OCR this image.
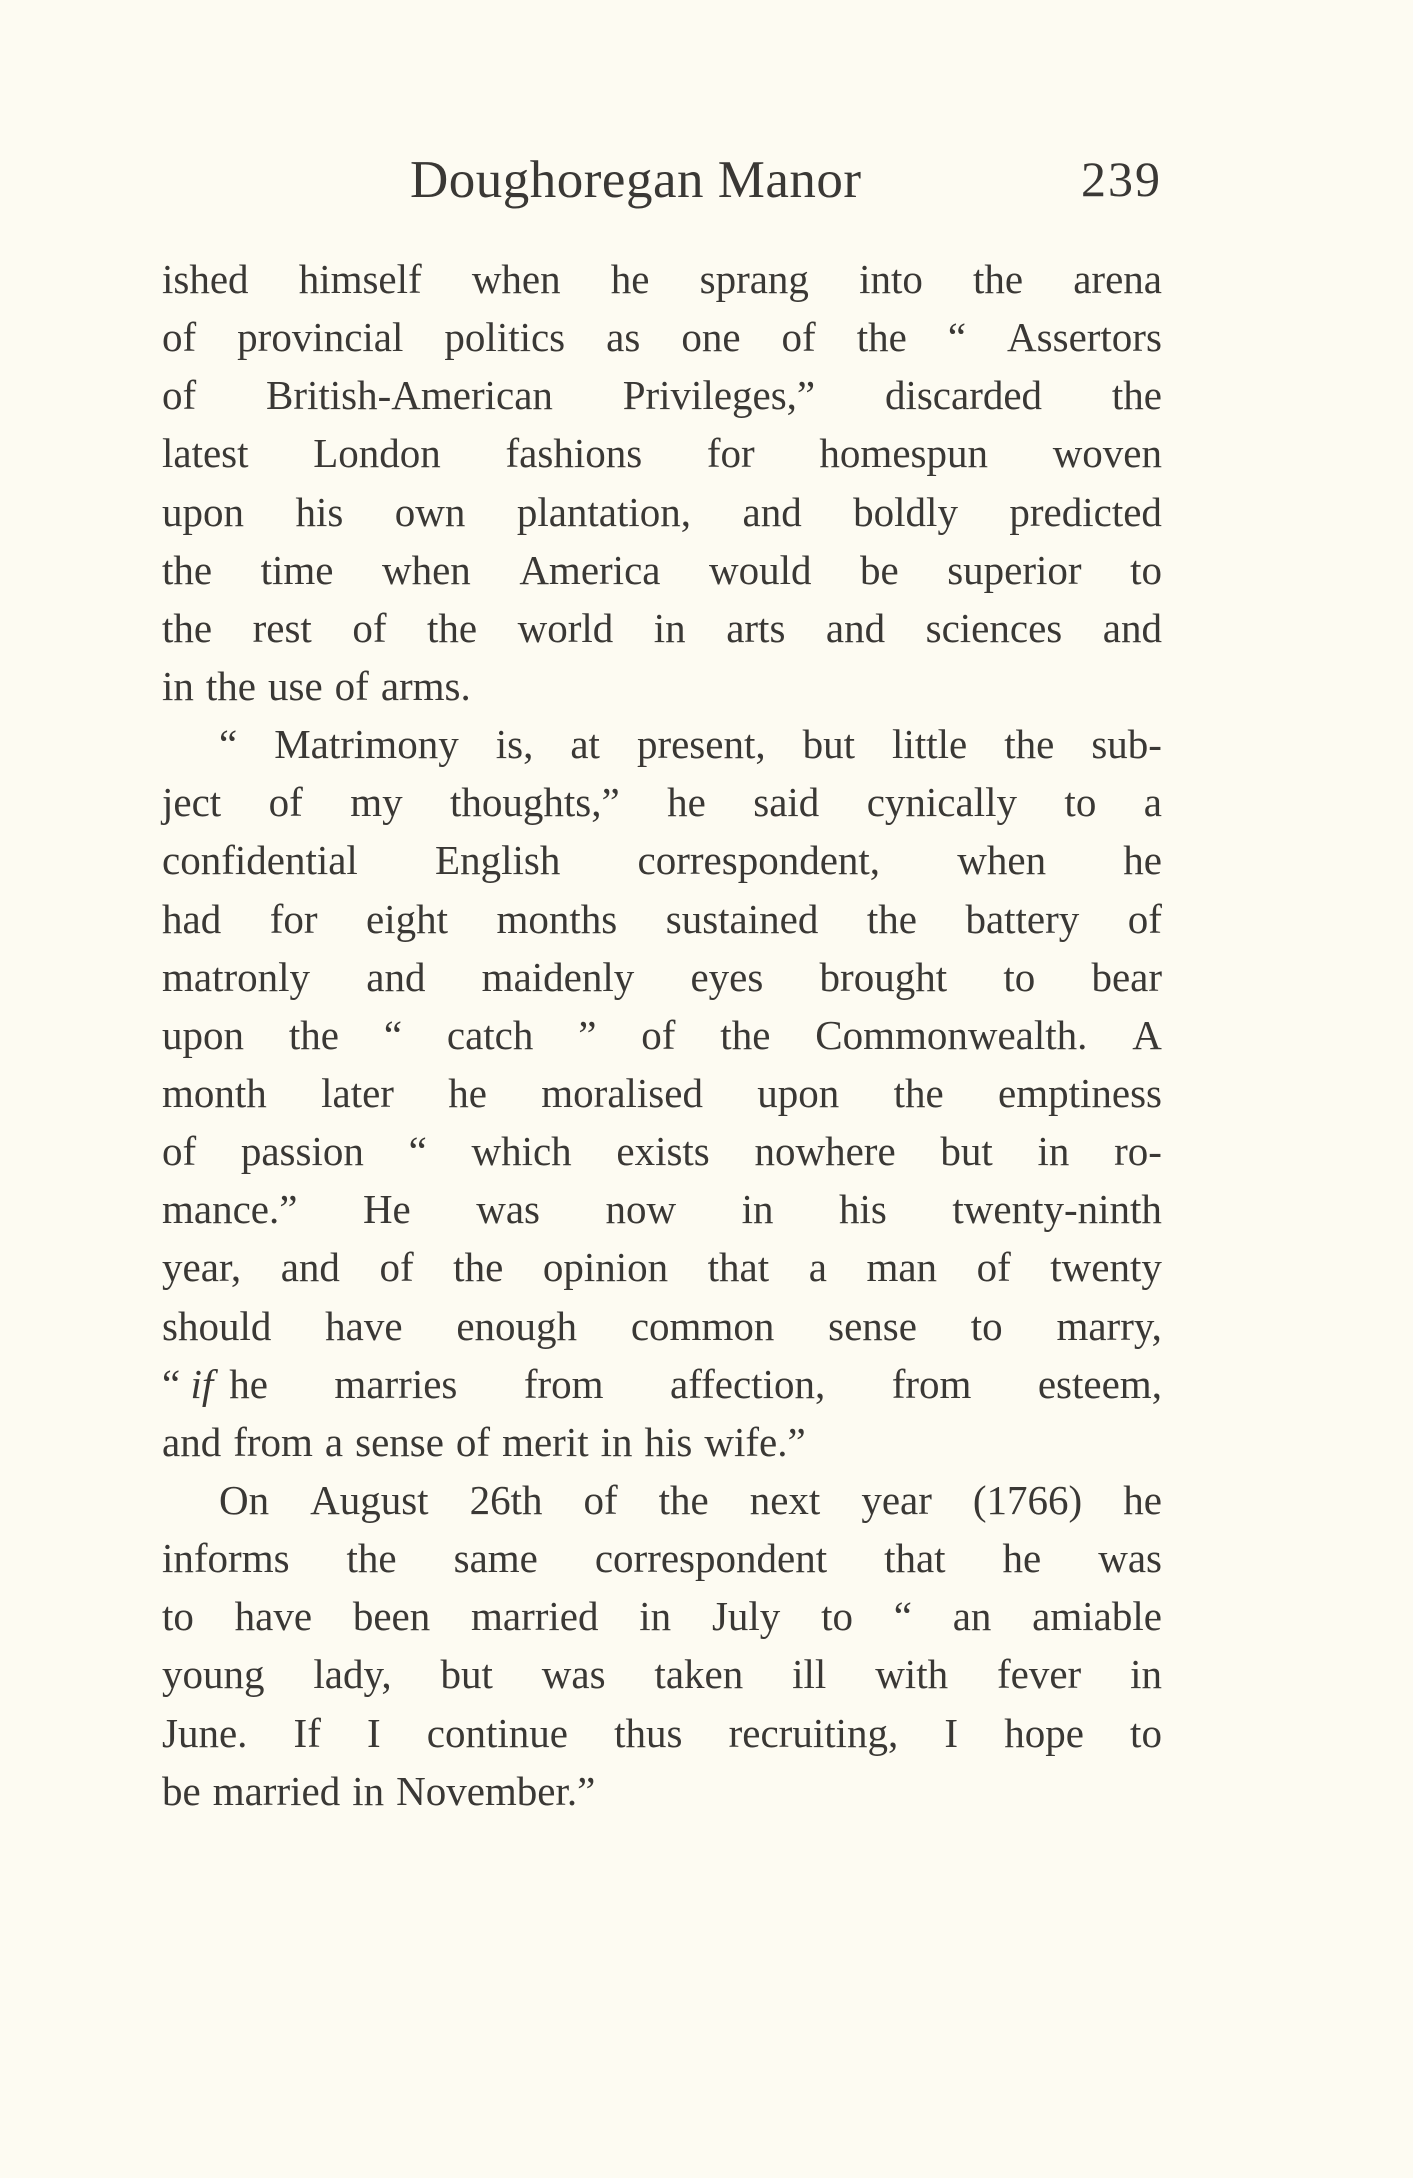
Doughoregan Manor	239
ished himself when he sprang into the arena
of provincial politics as one of the “ Assertors
of British-American Privileges,” discarded the
latest London fashions for homespun woven
upon his own plantation, and boldly predicted
the time when America would be superior to
the rest of the world in arts and sciences and
in the use of arms.
“ Matrimony is, at present, but little the sub-
ject of my thoughts,” he said cynically to a
confidential English correspondent, when he
had for eight months sustained the battery of
matronly and maidenly eyes brought to bear
upon the “ catch ” of the Commonwealth. A
month later he moralised upon the emptiness
of passion “ which exists nowhere but in ro-
mance.” He was now in his twenty-ninth
year, and of the opinion that a man of twenty
should have enough common sense to marry,
“ if he marries from affection, from esteem,
and from a sense of merit in his wife.”
On August 26th of the next year (1766) he
informs the same correspondent that he was
to have been married in July to “ an amiable
young lady, but was taken ill with fever in
June. If I continue thus recruiting, I hope to
be married in November.”
